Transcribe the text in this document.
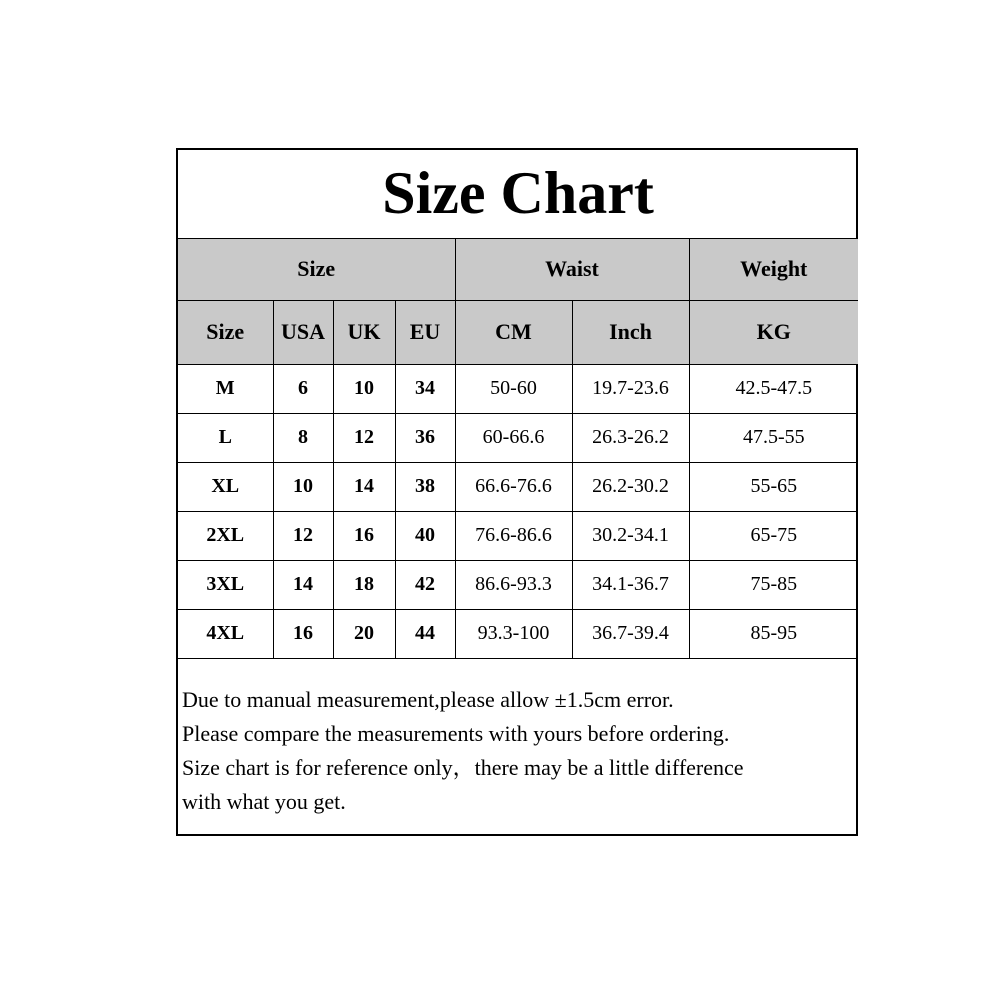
Size Chart						
Size				Waist		Weight
Size	USA	UK	EU	CM	Inch	KG
M	6	10	34	50-60	19.7-23.6	42.5-47.5
L	8	12	36	60-66.6	26.3-26.2	47.5-55
XL	10	14	38	66.6-76.6	26.2-30.2	55-65
2XL	12	16	40	76.6-86.6	30.2-34.1	65-75
3XL	14	18	42	86.6-93.3	34.1-36.7	75-85
4XL	16	20	44	93.3-100	36.7-39.4	85-95
Due to manual measurement,please allow ±1.5cm error.
Please compare the measurements with yours before ordering.
Size chart is for reference only，there may be a little difference
with what you get.
